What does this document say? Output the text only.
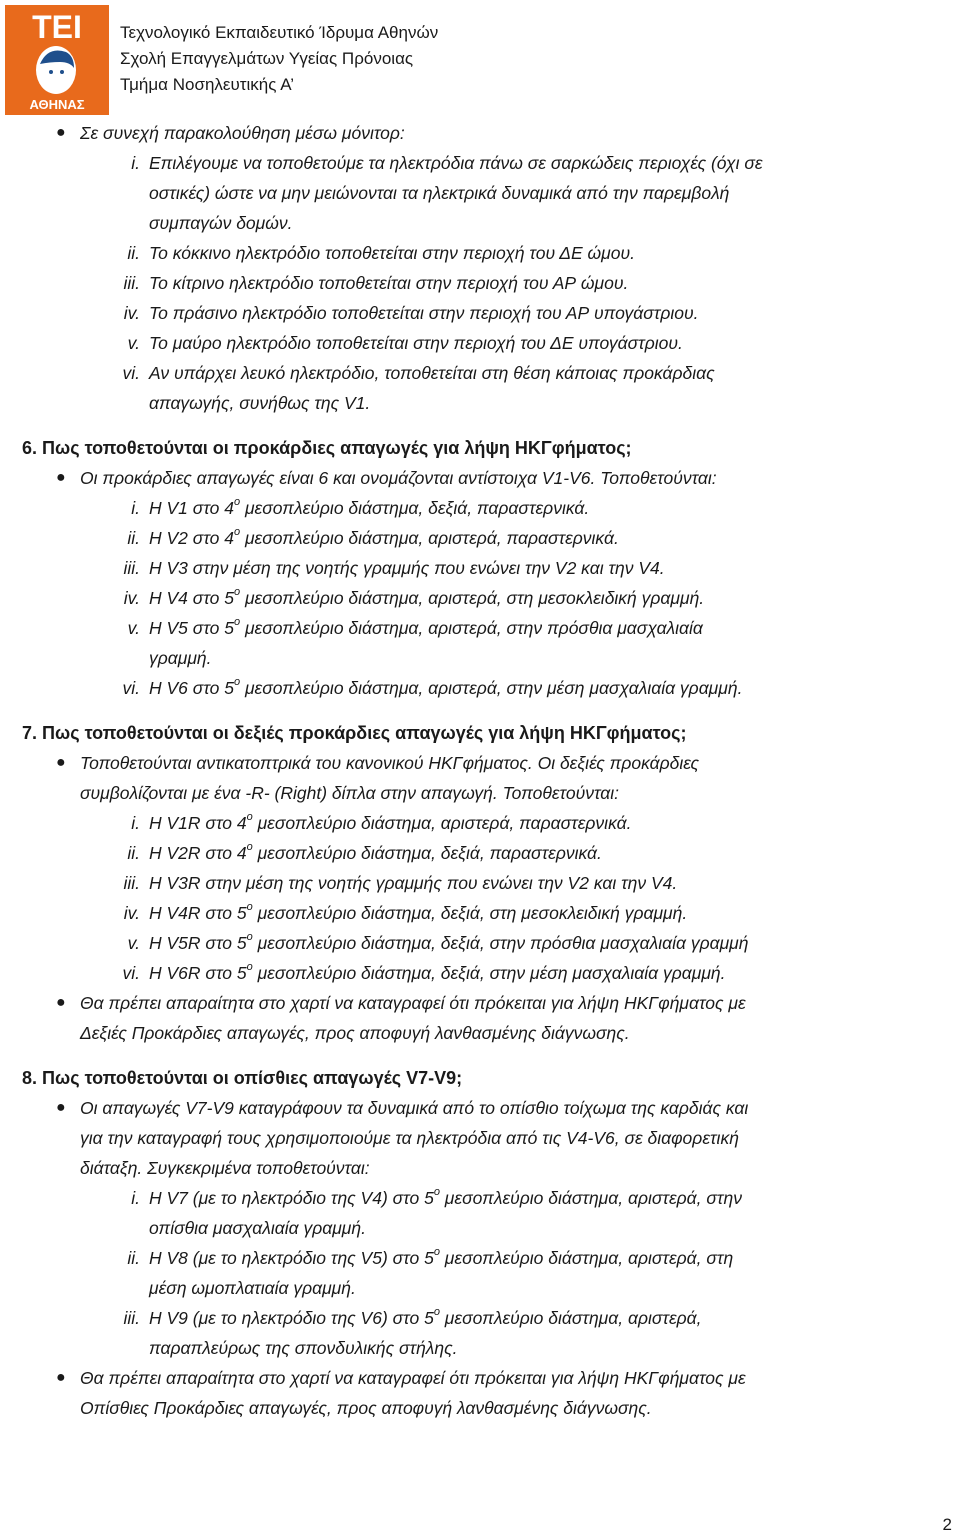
ΤΕΙ
ΑΘΗΝΑΣ
Τεχνολογικό Εκπαιδευτικό Ίδρυμα Αθηνών
Σχολή Επαγγελμάτων Υγείας Πρόνοιας
Τμήμα Νοσηλευτικής Α’
● Σε συνεχή παρακολούθηση μέσω μόνιτορ:
i. Επιλέγουμε να τοποθετούμε τα ηλεκτρόδια πάνω σε σαρκώδεις περιοχές (όχι σε
οστικές) ώστε να μην μειώνονται τα ηλεκτρικά δυναμικά από την παρεμβολή
συμπαγών δομών.
ii. Το κόκκινο ηλεκτρόδιο τοποθετείται στην περιοχή του ΔΕ ώμου.
iii. Το κίτρινο ηλεκτρόδιο τοποθετείται στην περιοχή του ΑΡ ώμου.
iv. Το πράσινο ηλεκτρόδιο τοποθετείται στην περιοχή του ΑΡ υπογάστριου.
v. Το μαύρο ηλεκτρόδιο τοποθετείται στην περιοχή του ΔΕ υπογάστριου.
vi. Αν υπάρχει λευκό ηλεκτρόδιο, τοποθετείται στη θέση κάποιας προκάρδιας
απαγωγής, συνήθως της V1.
6. Πως τοποθετούνται οι προκάρδιες απαγωγές για λήψη ΗΚΓφήματος;
● Οι προκάρδιες απαγωγές είναι 6 και ονομάζονται αντίστοιχα V1-V6. Τοποθετούνται:
i. Η V1 στο $4^o$ μεσοπλεύριο διάστημα, δεξιά, παραστερνικά.
ii. Η V2 στο $4^o$ μεσοπλεύριο διάστημα, αριστερά, παραστερνικά.
iii. Η V3 στην μέση της νοητής γραμμής που ενώνει την V2 και την V4.
iv. Η V4 στο $5^o$ μεσοπλεύριο διάστημα, αριστερά, στη μεσοκλειδική γραμμή.
v. Η V5 στο $5^o$ μεσοπλεύριο διάστημα, αριστερά, στην πρόσθια μασχαλιαία
γραμμή.
vi. Η V6 στο $5^o$ μεσοπλεύριο διάστημα, αριστερά, στην μέση μασχαλιαία γραμμή.
7. Πως τοποθετούνται οι δεξιές προκάρδιες απαγωγές για λήψη ΗΚΓφήματος;
● Τοποθετούνται αντικατοπτρικά του κανονικού ΗΚΓφήματος. Οι δεξιές προκάρδιες
συμβολίζονται με ένα -R- (Right) δίπλα στην απαγωγή. Τοποθετούνται:
i. Η V1R στο $4^o$ μεσοπλεύριο διάστημα, αριστερά, παραστερνικά.
ii. Η V2R στο $4^o$ μεσοπλεύριο διάστημα, δεξιά, παραστερνικά.
iii. Η V3R στην μέση της νοητής γραμμής που ενώνει την V2 και την V4.
iv. Η V4R στο $5^o$ μεσοπλεύριο διάστημα, δεξιά, στη μεσοκλειδική γραμμή.
v. Η V5R στο $5^o$ μεσοπλεύριο διάστημα, δεξιά, στην πρόσθια μασχαλιαία γραμμή
vi. Η V6R στο $5^o$ μεσοπλεύριο διάστημα, δεξιά, στην μέση μασχαλιαία γραμμή.
● Θα πρέπει απαραίτητα στο χαρτί να καταγραφεί ότι πρόκειται για λήψη ΗΚΓφήματος με
Δεξιές Προκάρδιες απαγωγές, προς αποφυγή λανθασμένης διάγνωσης.
8. Πως τοποθετούνται οι οπίσθιες απαγωγές V7-V9;
● Οι απαγωγές V7-V9 καταγράφουν τα δυναμικά από το οπίσθιο τοίχωμα της καρδιάς και
για την καταγραφή τους χρησιμοποιούμε τα ηλεκτρόδια από τις V4-V6, σε διαφορετική
διάταξη. Συγκεκριμένα τοποθετούνται:
i. Η V7 (με το ηλεκτρόδιο της V4) στο $5^o$ μεσοπλεύριο διάστημα, αριστερά, στην
οπίσθια μασχαλιαία γραμμή.
ii. Η V8 (με το ηλεκτρόδιο της V5) στο $5^o$ μεσοπλεύριο διάστημα, αριστερά, στη
μέση ωμοπλατιαία γραμμή.
iii. Η V9 (με το ηλεκτρόδιο της V6) στο $5^o$ μεσοπλεύριο διάστημα, αριστερά,
παραπλεύρως της σπονδυλικής στήλης.
● Θα πρέπει απαραίτητα στο χαρτί να καταγραφεί ότι πρόκειται για λήψη ΗΚΓφήματος με
Οπίσθιες Προκάρδιες απαγωγές, προς αποφυγή λανθασμένης διάγνωσης.
2
